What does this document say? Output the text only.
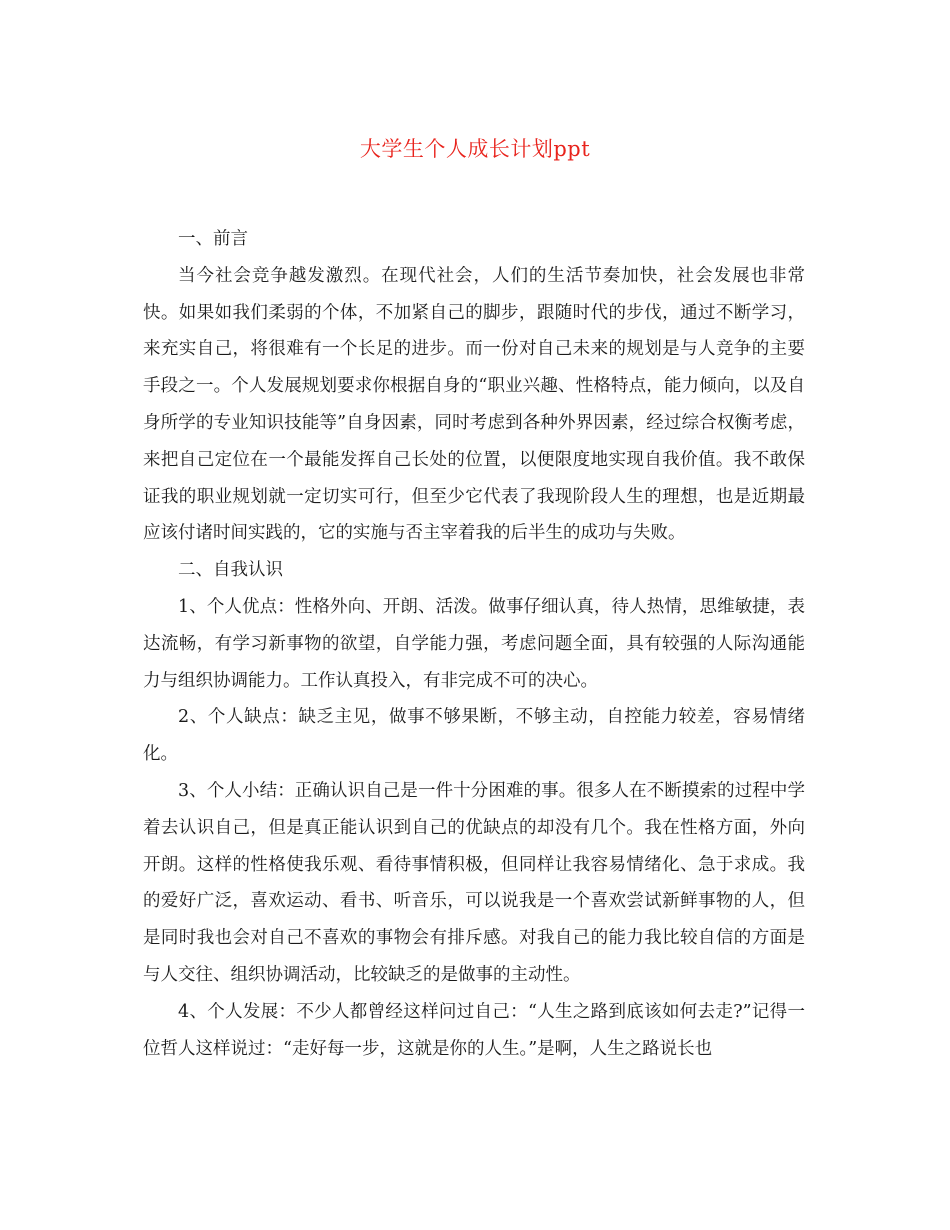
大学生个人成长计划ppt

一、前言

当今社会竞争越发激烈。在现代社会，人们的生活节奏加快，社会发展也非常快。如果如我们柔弱的个体，不加紧自己的脚步，跟随时代的步伐，通过不断学习，来充实自己，将很难有一个长足的进步。而一份对自己未来的规划是与人竞争的主要手段之一。个人发展规划要求你根据自身的“职业兴趣、性格特点，能力倾向，以及自身所学的专业知识技能等”自身因素，同时考虑到各种外界因素，经过综合权衡考虑，来把自己定位在一个最能发挥自己长处的位置，以便限度地实现自我价值。我不敢保证我的职业规划就一定切实可行，但至少它代表了我现阶段人生的理想，也是近期最应该付诸时间实践的，它的实施与否主宰着我的后半生的成功与失败。

二、自我认识

1、个人优点：性格外向、开朗、活泼。做事仔细认真，待人热情，思维敏捷，表达流畅，有学习新事物的欲望，自学能力强，考虑问题全面，具有较强的人际沟通能力与组织协调能力。工作认真投入，有非完成不可的决心。

2、个人缺点：缺乏主见，做事不够果断，不够主动，自控能力较差，容易情绪化。

3、个人小结：正确认识自己是一件十分困难的事。很多人在不断摸索的过程中学着去认识自己，但是真正能认识到自己的优缺点的却没有几个。我在性格方面，外向开朗。这样的性格使我乐观、看待事情积极，但同样让我容易情绪化、急于求成。我的爱好广泛，喜欢运动、看书、听音乐，可以说我是一个喜欢尝试新鲜事物的人，但是同时我也会对自己不喜欢的事物会有排斥感。对我自己的能力我比较自信的方面是与人交往、组织协调活动，比较缺乏的是做事的主动性。

4、个人发展：不少人都曾经这样问过自己：“人生之路到底该如何去走?”记得一位哲人这样说过：“走好每一步，这就是你的人生。”是啊，人生之路说长也
